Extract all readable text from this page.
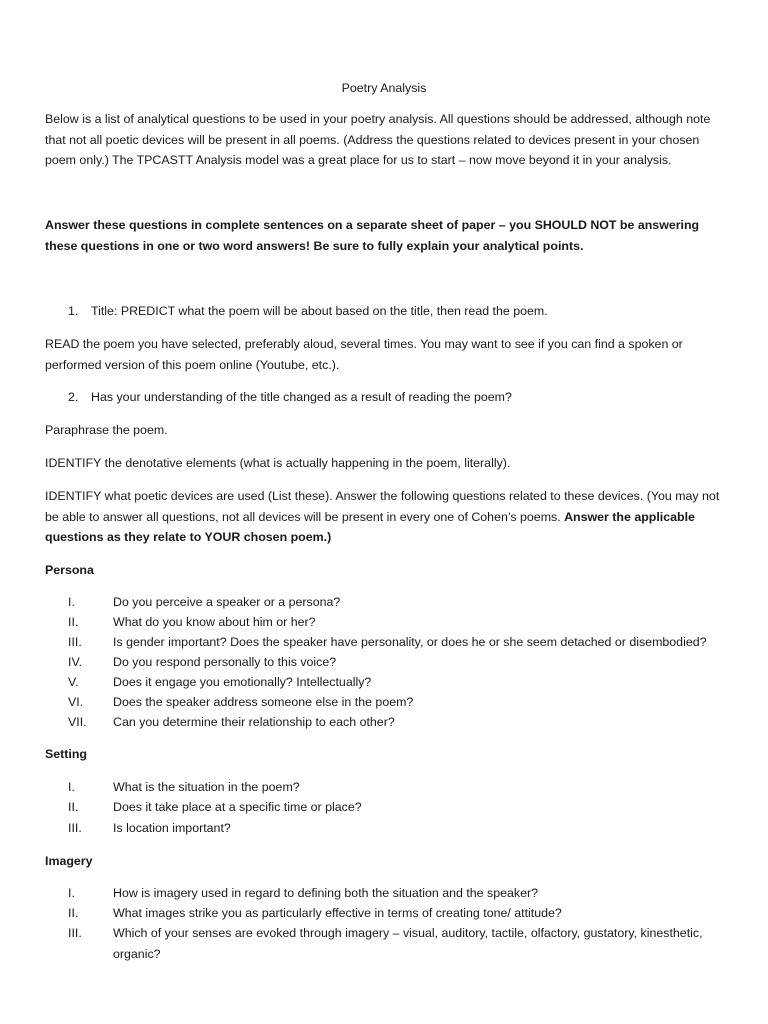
Poetry Analysis

Below is a list of analytical questions to be used in your poetry analysis. All questions should be addressed, although note that not all poetic devices will be present in all poems. (Address the questions related to devices present in your chosen poem only.) The TPCASTT Analysis model was a great place for us to start – now move beyond it in your analysis.

Answer these questions in complete sentences on a separate sheet of paper – you SHOULD NOT be answering these questions in one or two word answers! Be sure to fully explain your analytical points.

1. Title: PREDICT what the poem will be about based on the title, then read the poem.

READ the poem you have selected, preferably aloud, several times. You may want to see if you can find a spoken or performed version of this poem online (Youtube, etc.).

2. Has your understanding of the title changed as a result of reading the poem?

Paraphrase the poem.

IDENTIFY the denotative elements (what is actually happening in the poem, literally).

IDENTIFY what poetic devices are used (List these). Answer the following questions related to these devices. (You may not be able to answer all questions, not all devices will be present in every one of Cohen’s poems. Answer the applicable questions as they relate to YOUR chosen poem.)

Persona

I.	Do you perceive a speaker or a persona?
II.	What do you know about him or her?
III.	Is gender important? Does the speaker have personality, or does he or she seem detached or disembodied?
IV. Do you respond personally to this voice?
V.	Does it engage you emotionally? Intellectually?
VI. Does the speaker address someone else in the poem?
VII. Can you determine their relationship to each other?

Setting

I.	What is the situation in the poem?
II.	Does it take place at a specific time or place?
III.	Is location important?

Imagery

I.	How is imagery used in regard to defining both the situation and the speaker?
II.	What images strike you as particularly effective in terms of creating tone/ attitude?
III.	Which of your senses are evoked through imagery – visual, auditory, tactile, olfactory, gustatory, kinesthetic, organic?
